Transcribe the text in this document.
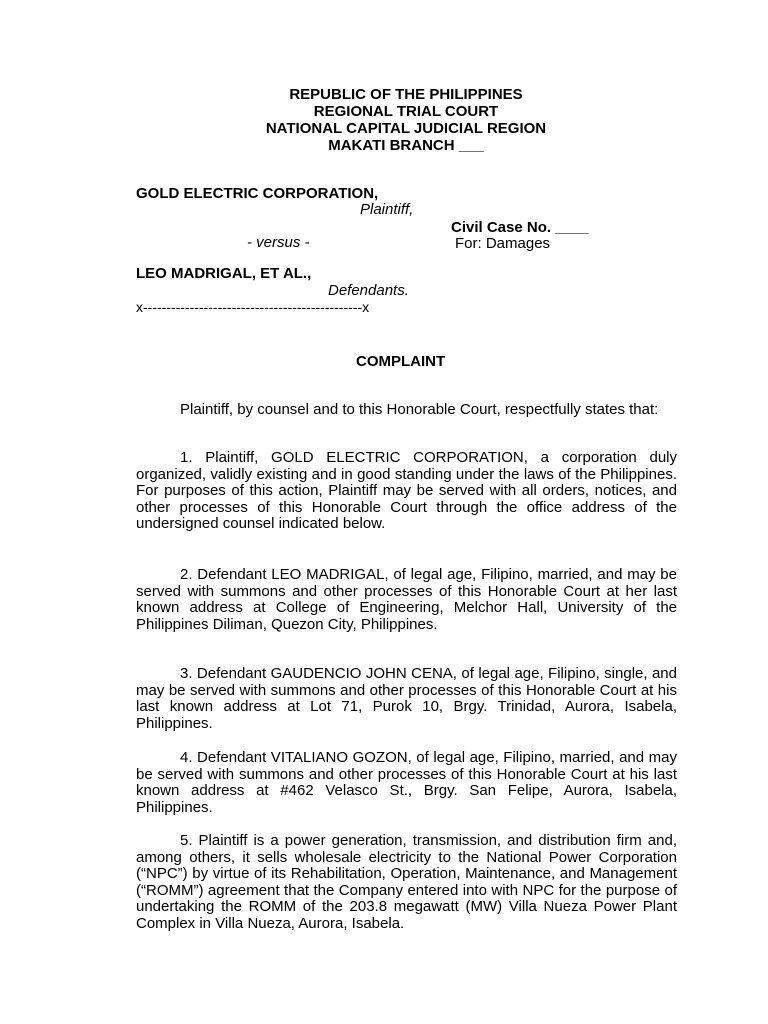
REPUBLIC OF THE PHILIPPINES
REGIONAL TRIAL COURT
NATIONAL CAPITAL JUDICIAL REGION
MAKATI BRANCH ___
GOLD ELECTRIC CORPORATION,
Plaintiff,
Civil Case No. ____
For: Damages
- versus -
LEO MADRIGAL, ET AL.,
Defendants.
x-----------------------------------------------x
COMPLAINT
Plaintiff, by counsel and to this Honorable Court, respectfully states that:
1. Plaintiff, GOLD ELECTRIC CORPORATION, a corporation duly organized, validly existing and in good standing under the laws of the Philippines. For purposes of this action, Plaintiff may be served with all orders, notices, and other processes of this Honorable Court through the office address of the undersigned counsel indicated below.
2. Defendant LEO MADRIGAL, of legal age, Filipino, married, and may be served with summons and other processes of this Honorable Court at her last known address at College of Engineering, Melchor Hall, University of the Philippines Diliman, Quezon City, Philippines.
3. Defendant GAUDENCIO JOHN CENA, of legal age, Filipino, single, and may be served with summons and other processes of this Honorable Court at his last known address at Lot 71, Purok 10, Brgy. Trinidad, Aurora, Isabela, Philippines.
4. Defendant VITALIANO GOZON, of legal age, Filipino, married, and may be served with summons and other processes of this Honorable Court at his last known address at #462 Velasco St., Brgy. San Felipe, Aurora, Isabela, Philippines.
5. Plaintiff is a power generation, transmission, and distribution firm and, among others, it sells wholesale electricity to the National Power Corporation (“NPC”) by virtue of its Rehabilitation, Operation, Maintenance, and Management (“ROMM”) agreement that the Company entered into with NPC for the purpose of undertaking the ROMM of the 203.8 megawatt (MW) Villa Nueza Power Plant Complex in Villa Nueza, Aurora, Isabela.
